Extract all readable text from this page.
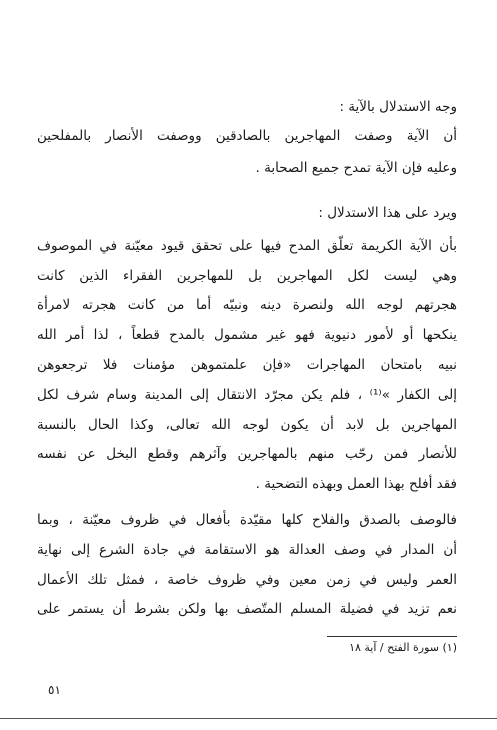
وجه الاستدلال بالآية :
أن الآية وصفت المهاجرين بالصادقين ووصفت الأنصار بالمفلحين
وعليه فإن الآية تمدح جميع الصحابة .
ويرد على هذا الاستدلال :
بأن الآية الكريمة تعلّق المدح فيها على تحقق قيود معيّنة في الموصوف
وهي ليست لكل المهاجرين بل للمهاجرين الفقراء الذين كانت
هجرتهم لوجه الله ولنصرة دينه ونبيّه أما من كانت هجرته لامرأة
ينكحها أو لأمور دنيوية فهو غير مشمول بالمدح قطعاً ، لذا أمر الله
نبيه بامتحان المهاجرات «فإن علمتموهن مؤمنات فلا ترجعوهن
إلى الكفار »⁽¹⁾ ، فلم يكن مجرّد الانتقال إلى المدينة وسام شرف لكل
المهاجرين بل لابد أن يكون لوجه الله تعالى، وكذا الحال بالنسبة
للأنصار فمن رحّب منهم بالمهاجرين وآثرهم وقطع البخل عن نفسه
فقد أفلح بهذا العمل وبهذه التضحية .
فالوصف بالصدق والفلاح كلها مقيّدة بأفعال في ظروف معيّنة ، وبما
أن المدار في وصف العدالة هو الاستقامة في جادة الشرع إلى نهاية
العمر وليس في زمن معين وفي ظروف خاصة ، فمثل تلك الأعمال
نعم تزيد في فضيلة المسلم المتّصف بها ولكن بشرط أن يستمر على
(١) سورة الفتح / آية ١٨
٥١
